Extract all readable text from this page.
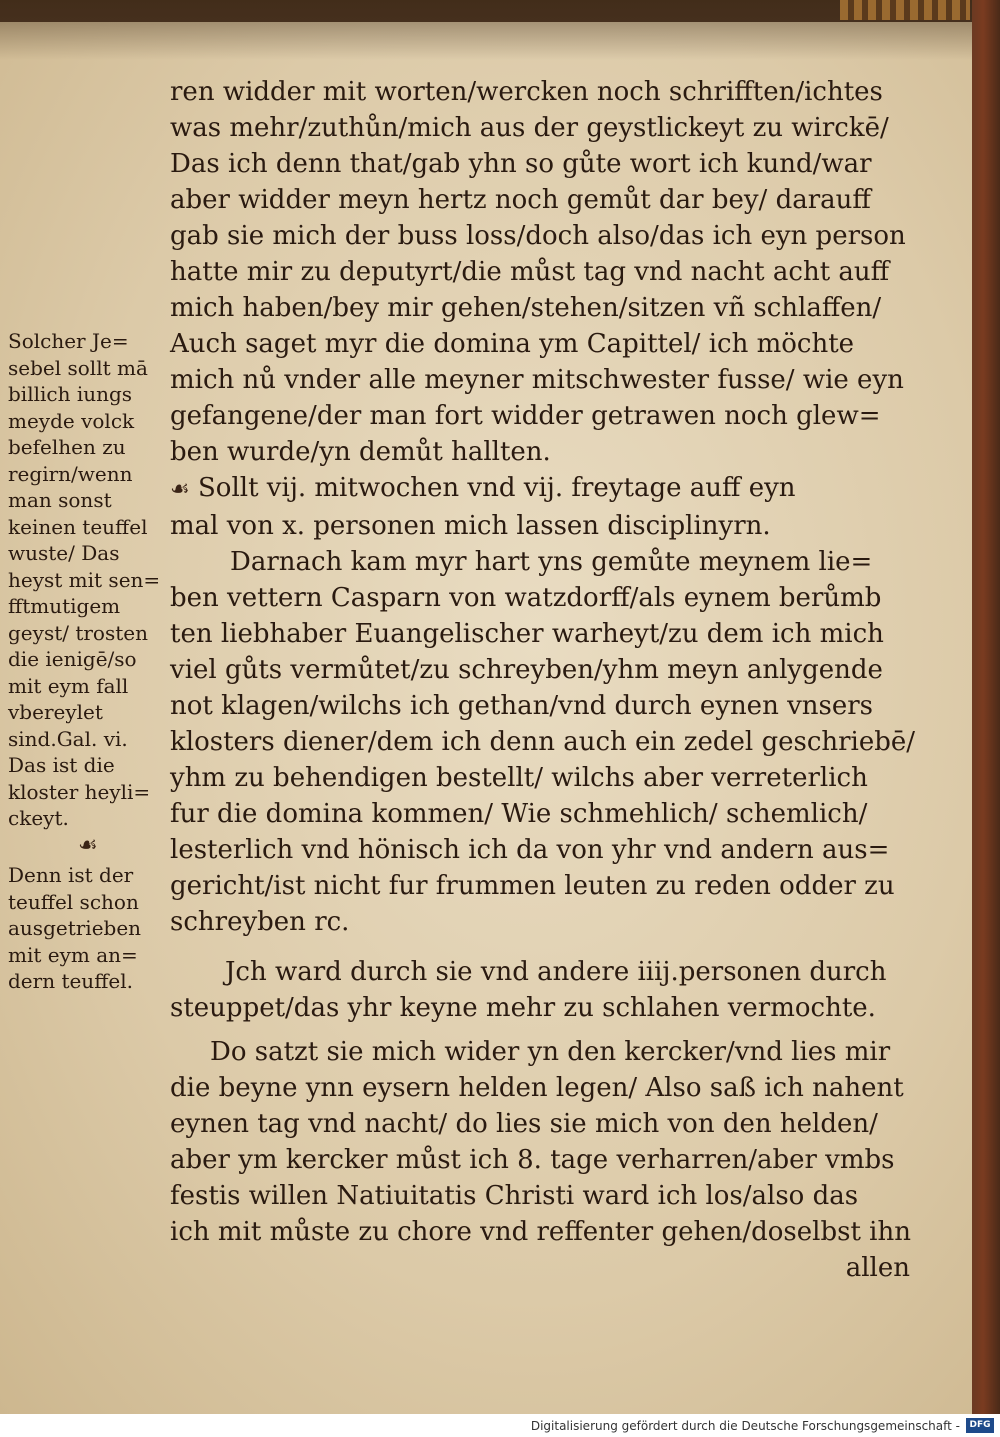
ren widder mit worten/wercken noch schrifften/ichtes
was mehr/zuthůn/mich aus der geystlickeyt zu wirckē/
Das ich denn that/gab yhn so gůte wort ich kund/war
aber widder meyn hertz noch gemůt dar bey/ darauff
gab sie mich der buss loss/doch also/das ich eyn person
hatte mir zu deputyrt/die můst tag vnd nacht acht auff
mich haben/bey mir gehen/stehen/sitzen vñ schlaffen/
Auch saget myr die domina ym Capittel/ ich möchte
mich nů vnder alle meyner mitschwester fusse/ wie eyn
gefangene/der man fort widder getrawen noch glew=
ben wurde/yn demůt hallten.
☙ Sollt vij. mitwochen vnd vij. freytage auff eyn
mal von x. personen mich lassen disciplinyrn.
Darnach kam myr hart yns gemůte meynem lie=
ben vettern Casparn von watzdorff/als eynem berůmb
ten liebhaber Euangelischer warheyt/zu dem ich mich
viel gůts vermůtet/zu schreyben/yhm meyn anlygende
not klagen/wilchs ich gethan/vnd durch eynen vnsers
klosters diener/dem ich denn auch ein zedel geschriebē/
yhm zu behendigen bestellt/ wilchs aber verreterlich
fur die domina kommen/ Wie schmehlich/ schemlich/
lesterlich vnd hönisch ich da von yhr vnd andern aus=
gericht/ist nicht fur frummen leuten zu reden odder zu
schreyben rc.
Jch ward durch sie vnd andere iiij.personen durch
steuppet/das yhr keyne mehr zu schlahen vermochte.
Do satzt sie mich wider yn den kercker/vnd lies mir
die beyne ynn eysern helden legen/ Also saß ich nahent
eynen tag vnd nacht/ do lies sie mich von den helden/
aber ym kercker můst ich 8. tage verharren/aber vmbs
festis willen Natiuitatis Christi ward ich los/also das
ich mit můste zu chore vnd reffenter gehen/doselbst ihn
allen
Solcher Je=
sebel sollt mā
billich iungs
meyde volck
befelhen zu
regirn/wenn
man sonst
keinen teuffel
wuste/ Das
heyst mit sen=
fftmutigem
geyst/ trosten
die ienigē/so
mit eym fall
vbereylet
sind.Gal. vi.
Das ist die
kloster heyli=
ckeyt.
☙
Denn ist der
teuffel schon
ausgetrieben
mit eym an=
dern teuffel.
Digitalisierung gefördert durch die Deutsche Forschungsgemeinschaft -	DFG
